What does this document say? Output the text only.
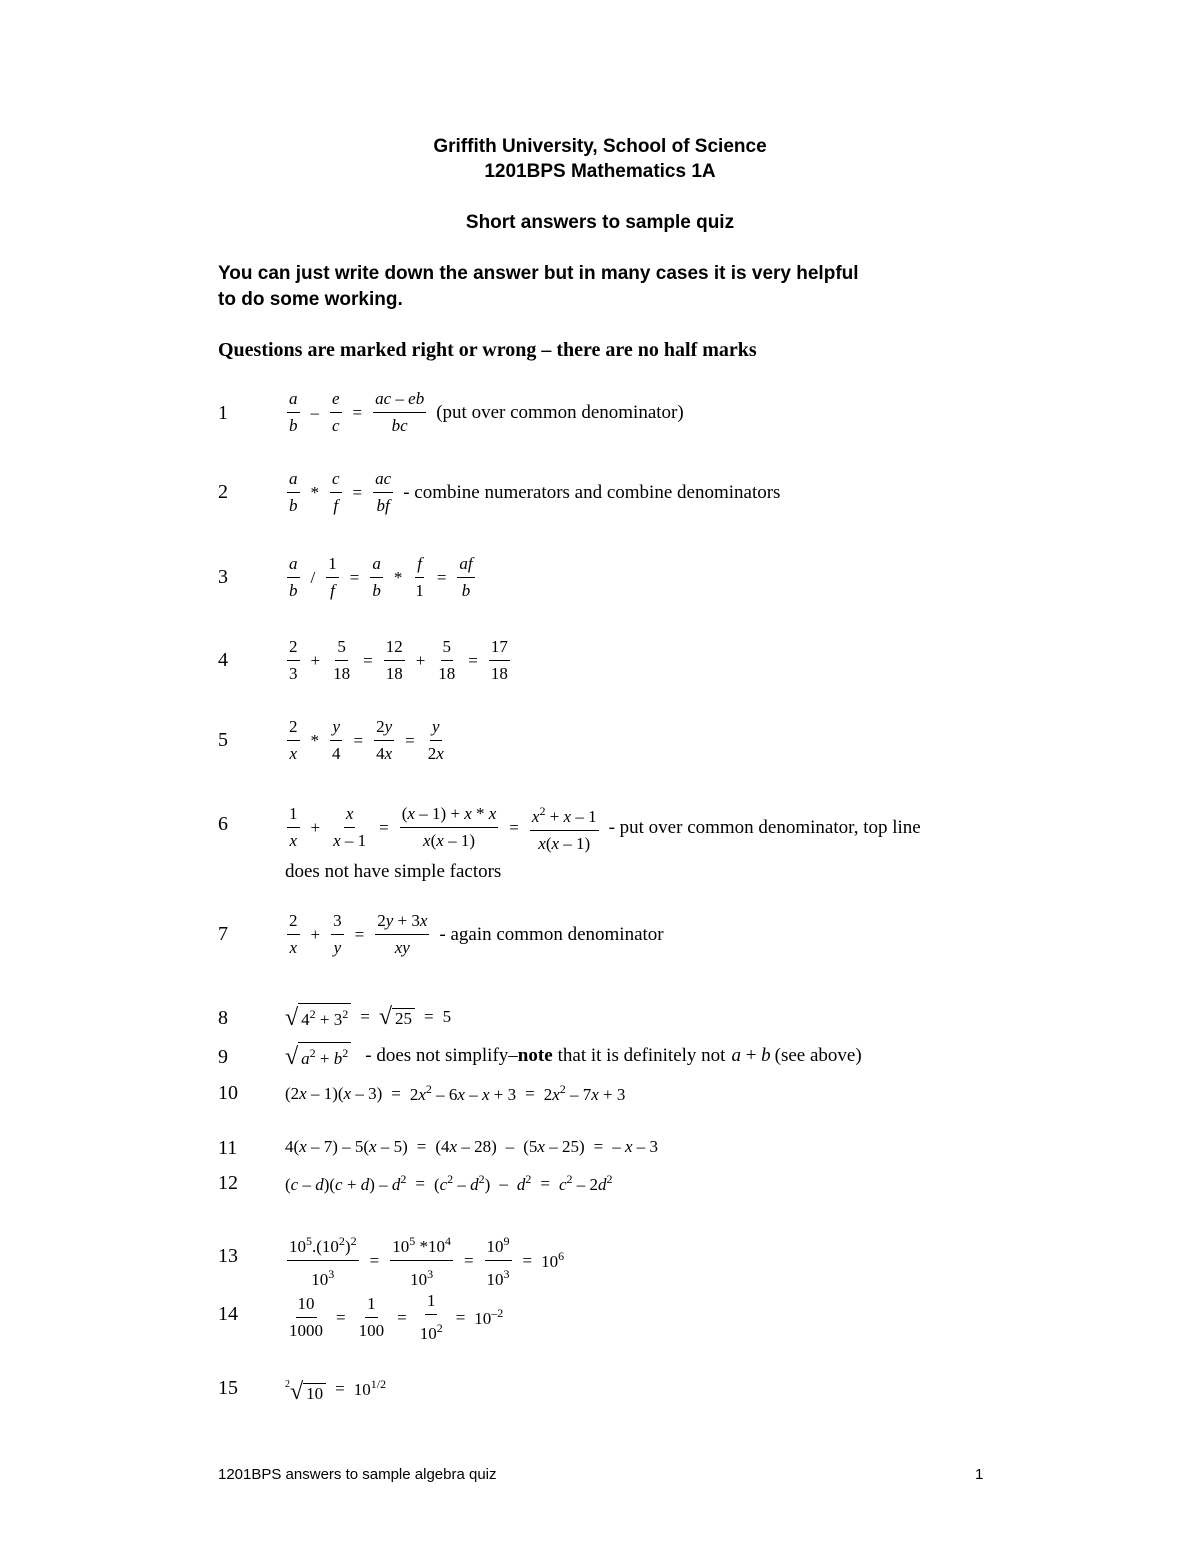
Griffith University, School of Science
1201BPS Mathematics 1A
Short answers to sample quiz
You can just write down the answer but in many cases it is very helpful
to do some working.
Questions are marked right or wrong – there are no half marks
1
2
3
4
5
6
7
8
9
10
11
12
13
14
15
$\frac{a}{b} - \frac{e}{c} = \frac{ac - eb}{bc} (put$ over common denominator)
$\frac{a}{b} * \frac{c}{f} = \frac{ac}{bf}$ - combine numerators and combine denominators
$\frac{a}{b} / \frac{1}{f} = \frac{a}{b} * \frac{f}{1} = \frac{af}{b}$
$\frac{2}{3} + \frac{5}{18} = \frac{12}{18} + \frac{5}{18} = \frac{17}{18}$
$\frac{2}{x} * \frac{y}{4} = \frac{2y}{4x} = \frac{y}{2x}$
$\frac{1}{x} + \frac{x}{x - 1} = \frac{(x - 1) + x * x}{x(x - 1)} = \frac{x^2 + x - 1}{x(x - 1)}$ - put over common denominator, top line
does not have simple factors
$\frac{2}{x} + \frac{3}{y} = \frac{2y + 3x}{xy}$ - again common denominator
√ $4^2 + 3^2$ = √ 25 = 5
√ $a^2 + b^2$ - does not simplify– note that it is definitely not a + b (see above)
$(2x - 1)(x - 3) = 2x^2 - 6x - x + 3 = 2x^2 - 7x + 3$
4(x – 7) – 5(x – 5) = (4x – 28) – (5x – 25) = – x – 3
$(c - d)(c + d) - d^2 = (c^2 - d^2) - d^2 = c^2 - 2d^2$
$\frac{10^5.(10^2)^2}{10^3} = \frac{10^5 *10^4}{10^3} = \frac{10^9}{10^3} = 10^6$
$\frac{10}{1000} = \frac{1}{100} = \frac{1}{10^2} = 10^{-2}$
$^2$√ $10 = 10^{1/2}$
1201BPS answers to sample algebra quiz	1
